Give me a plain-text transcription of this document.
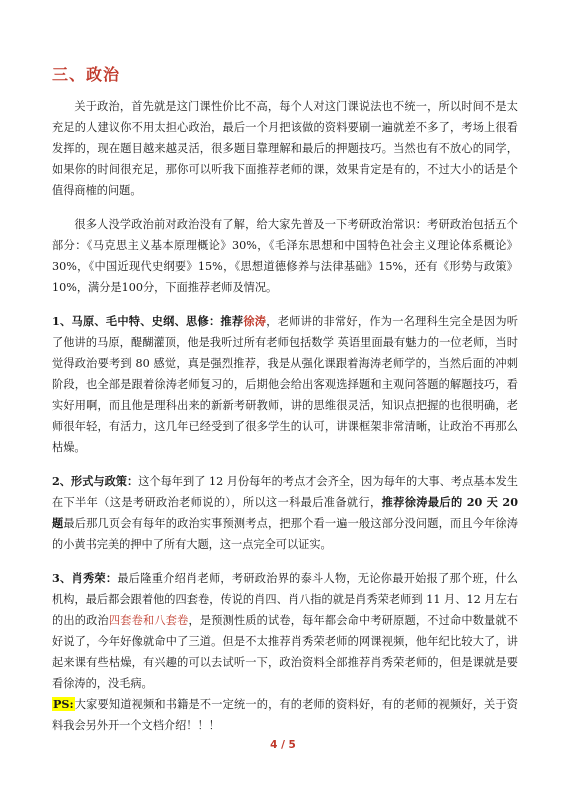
三、政治

关于政治，首先就是这门课性价比不高，每个人对这门课说法也不统一，所以时间不是太充足的人建议你不用太担心政治，最后一个月把该做的资料要刷一遍就差不多了，考场上很看发挥的，现在题目越来越灵活，很多题目靠理解和最后的押题技巧。当然也有不放心的同学，如果你的时间很充足，那你可以听我下面推荐老师的课，效果肯定是有的，不过大小的话是个值得商榷的问题。

很多人没学政治前对政治没有了解，给大家先普及一下考研政治常识：考研政治包括五个部分：《马克思主义基本原理概论》30%，《毛泽东思想和中国特色社会主义理论体系概论》30%，《中国近现代史纲要》15%，《思想道德修养与法律基础》15%，还有《形势与政策》10%，满分是100分，下面推荐老师及情况。

1、马原、毛中特、史纲、思修：推荐徐涛，老师讲的非常好，作为一名理科生完全是因为听了他讲的马原，醍醐灌顶，他是我听过所有老师包括数学 英语里面最有魅力的一位老师，当时觉得政治要考到 80 感觉，真是强烈推荐，我是从强化课跟着海涛老师学的，当然后面的冲刺阶段，也全部是跟着徐涛老师复习的，后期他会给出客观选择题和主观问答题的解题技巧，看实好用啊，而且他是理科出来的新新考研教师，讲的思维很灵活，知识点把握的也很明确，老师很年轻，有活力，这几年已经受到了很多学生的认可，讲课框架非常清晰，让政治不再那么枯燥。

2、形式与政策：这个每年到了 12 月份每年的考点才会齐全，因为每年的大事、考点基本发生在下半年（这是考研政治老师说的），所以这一科最后准备就行，推荐徐涛最后的 20 天 20 题最后那几页会有每年的政治实事预测考点，把那个看一遍一般这部分没问题，而且今年徐涛的小黄书完美的押中了所有大题，这一点完全可以证实。

3、肖秀荣：最后隆重介绍肖老师，考研政治界的泰斗人物，无论你最开始报了那个班，什么机构，最后都会跟着他的四套卷，传说的肖四、肖八指的就是肖秀荣老师到 11 月、12 月左右的出的政治四套卷和八套卷，是预测性质的试卷，每年都会命中考研原题，不过命中数量就不好说了，今年好像就命中了三道。但是不太推荐肖秀荣老师的网课视频，他年纪比较大了，讲起来课有些枯燥，有兴趣的可以去试听一下，政治资料全部推荐肖秀荣老师的，但是课就是要看徐涛的，没毛病。
PS:大家要知道视频和书籍是不一定统一的，有的老师的资料好，有的老师的视频好，关于资料我会另外开一个文档介绍！！！

4 / 5
